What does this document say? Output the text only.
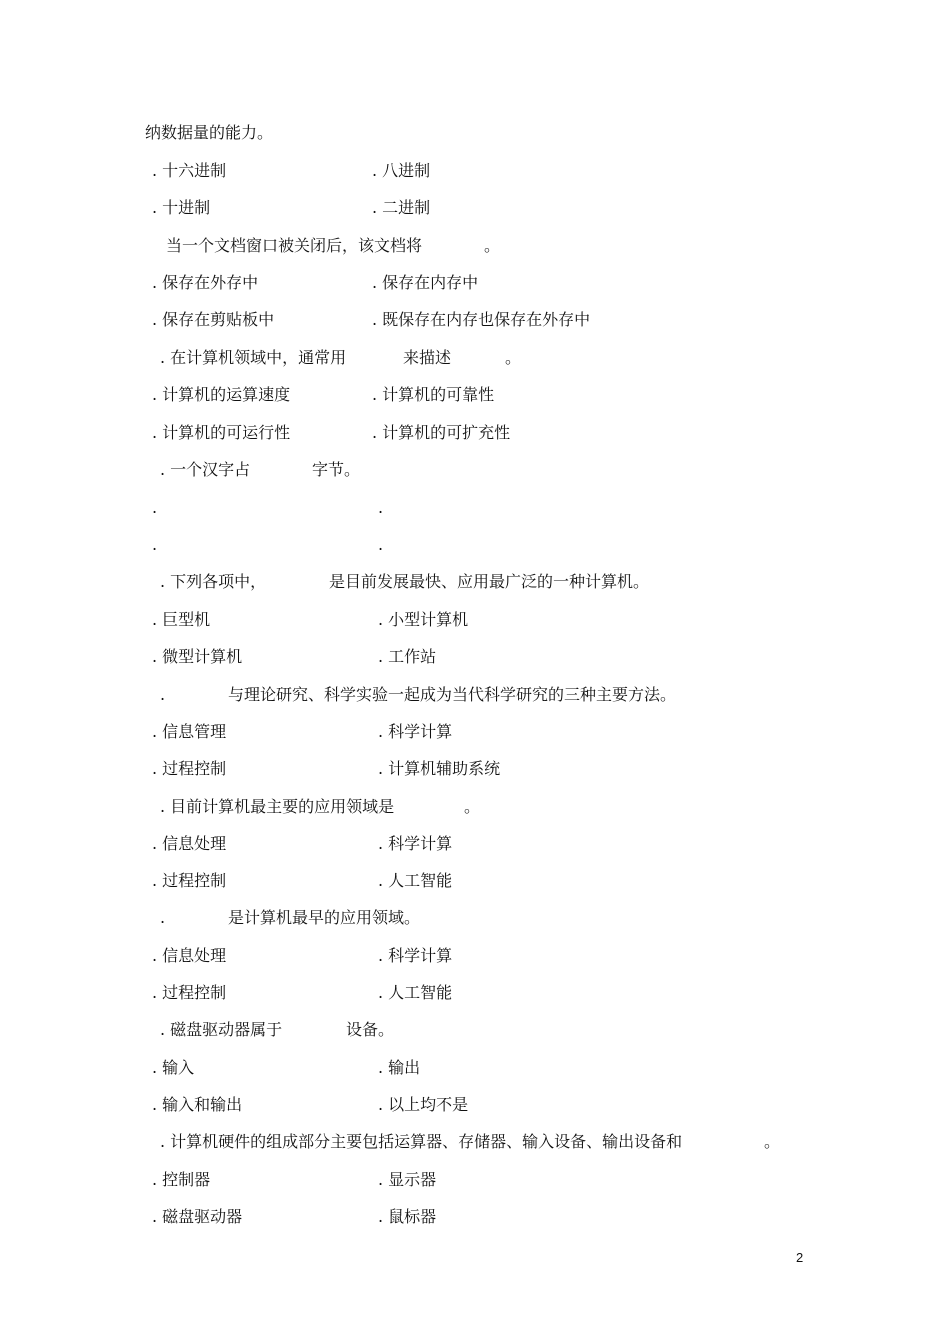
纳数据量的能力。
. 十六进制	. 八进制
. 十进制	. 二进制
当一个文档窗口被关闭后，该文档将	。
. 保存在外存中	. 保存在内存中
. 保存在剪贴板中	. 既保存在内存也保存在外存中
. 在计算机领域中，通常用	来描述	。
. 计算机的运算速度	. 计算机的可靠性
. 计算机的可运行性	. 计算机的可扩充性
. 一个汉字占	字节。
.	.
.	.
. 下列各项中，	是目前发展最快、应用最广泛的一种计算机。
. 巨型机	. 小型计算机
. 微型计算机	. 工作站
.	与理论研究、科学实验一起成为当代科学研究的三种主要方法。
. 信息管理	. 科学计算
. 过程控制	. 计算机辅助系统
. 目前计算机最主要的应用领域是	。
. 信息处理	. 科学计算
. 过程控制	. 人工智能
.	是计算机最早的应用领域。
. 信息处理	. 科学计算
. 过程控制	. 人工智能
. 磁盘驱动器属于	设备。
. 输入	. 输出
. 输入和输出	. 以上均不是
. 计算机硬件的组成部分主要包括运算器、存储器、输入设备、输出设备和	。
. 控制器	. 显示器
. 磁盘驱动器	. 鼠标器
2
